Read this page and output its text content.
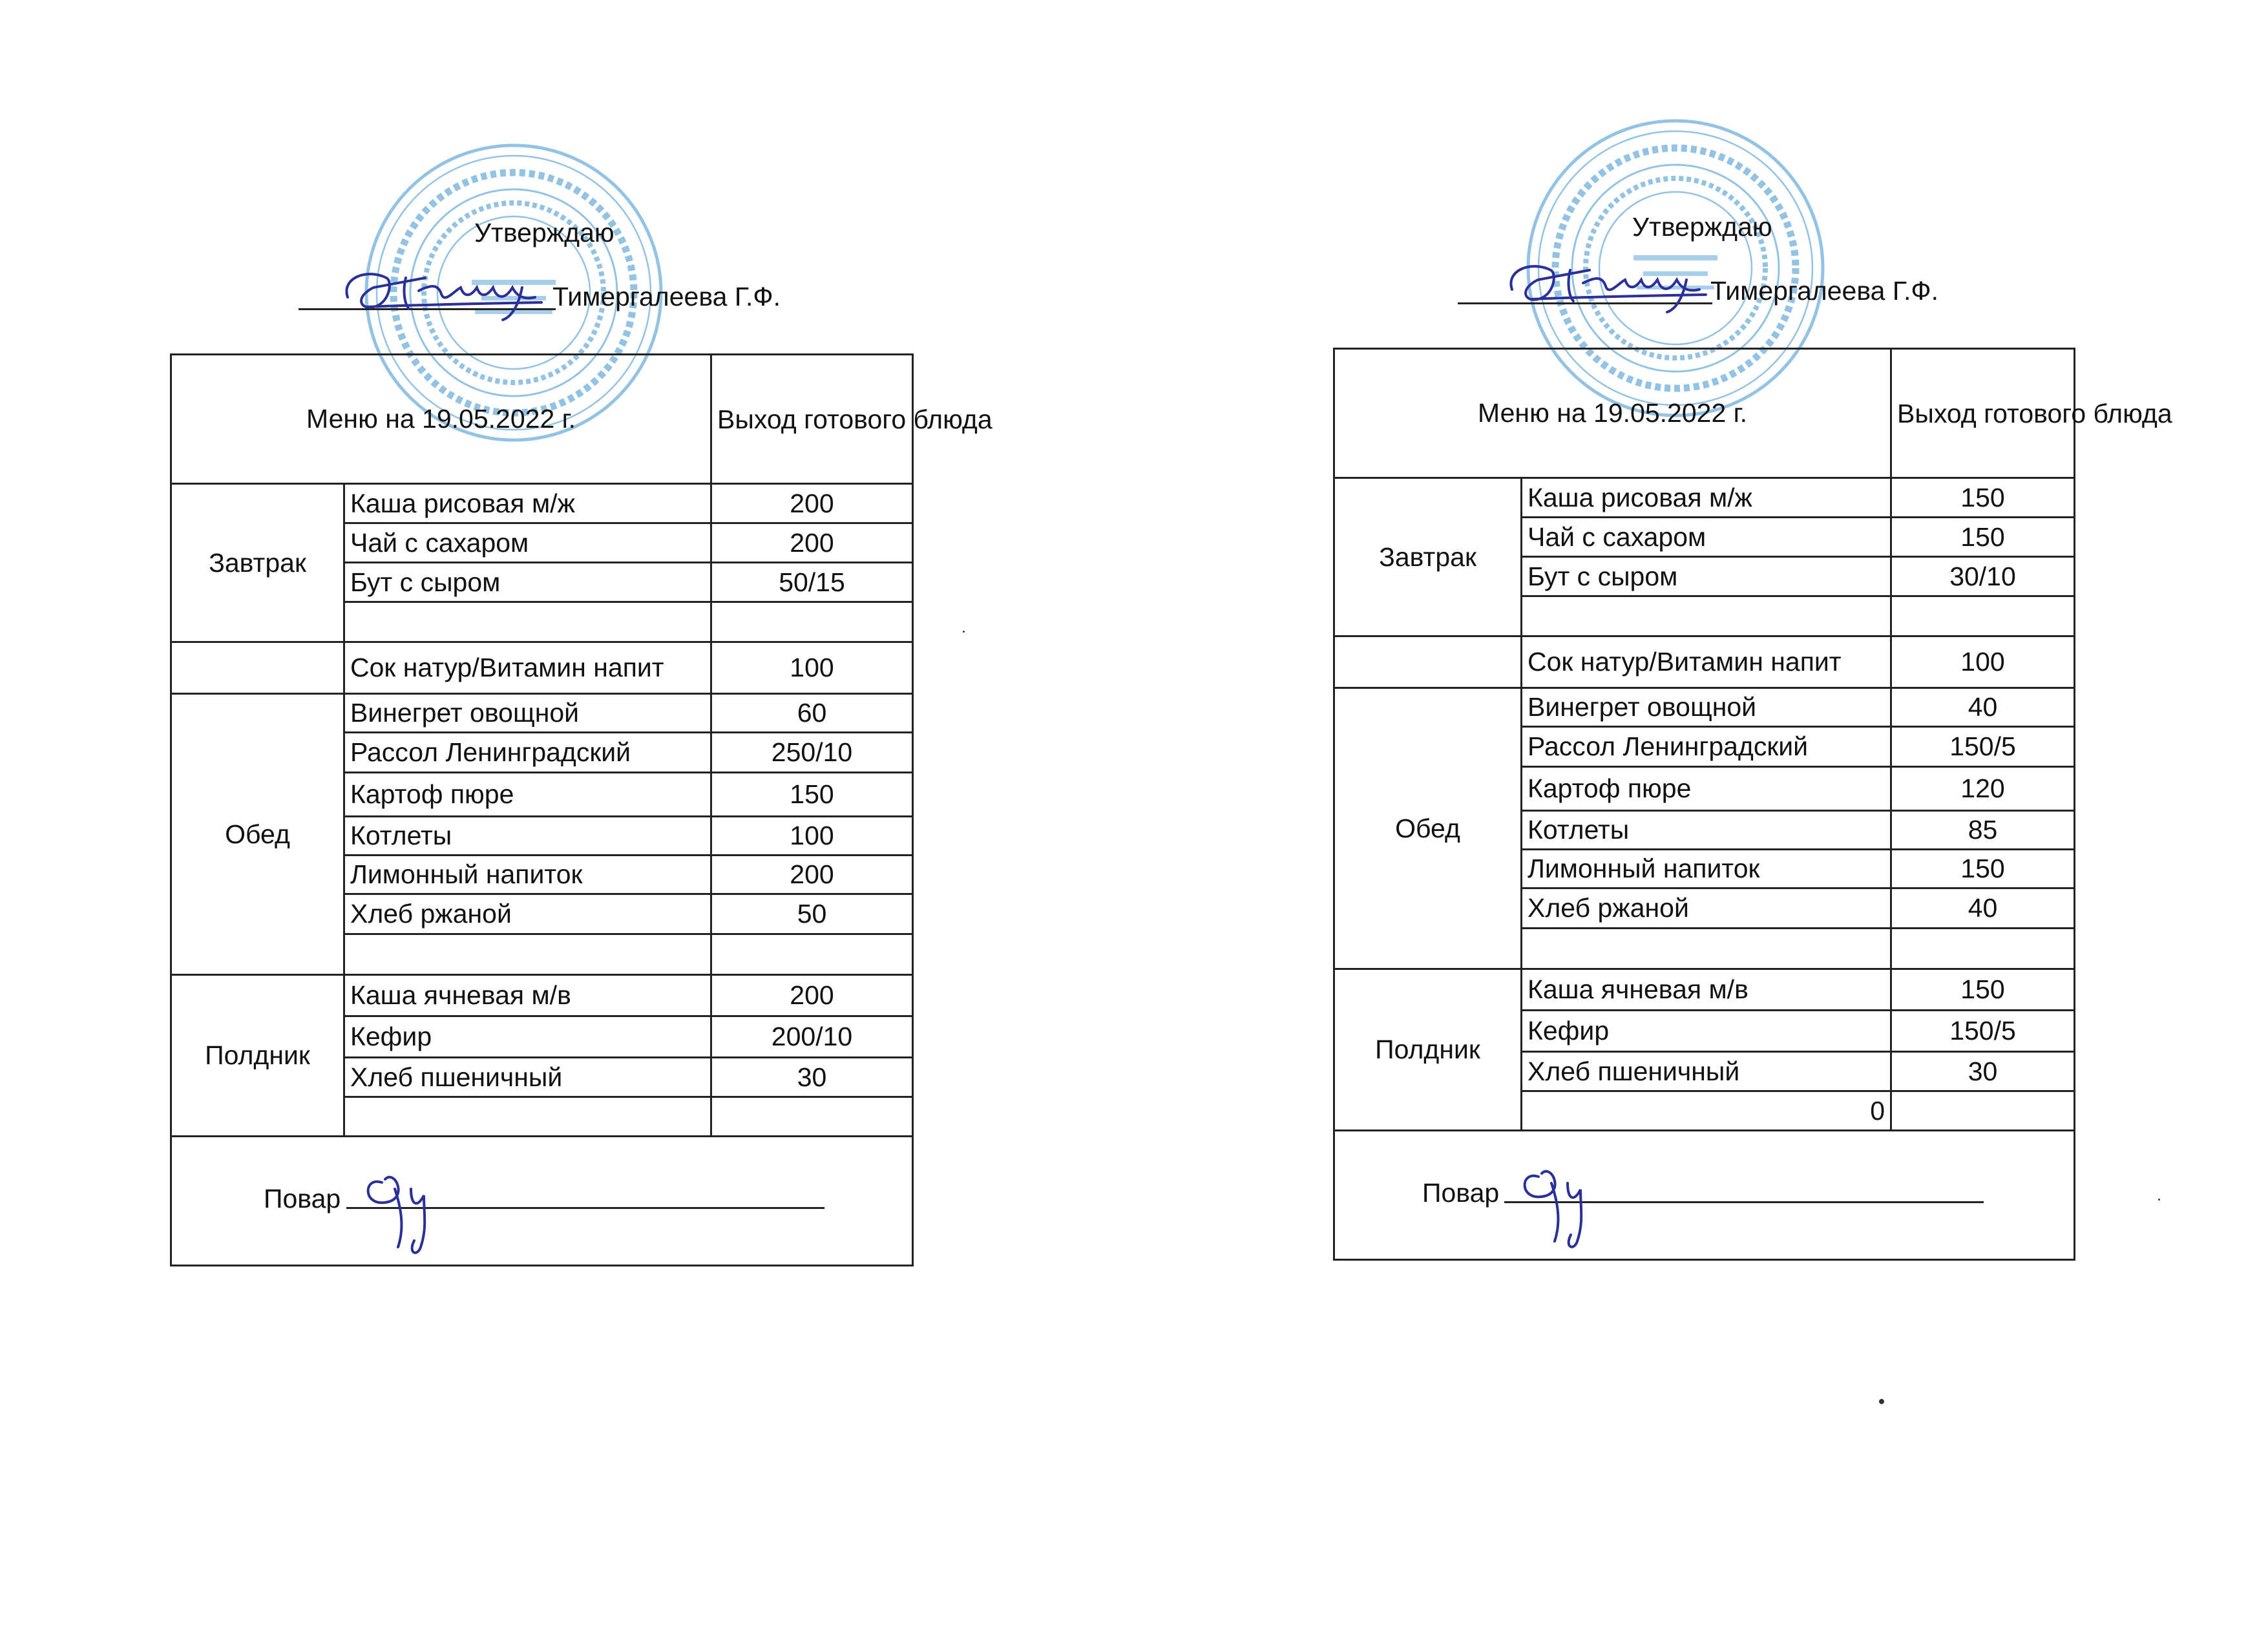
Утверждаю
Тимергалеева Г.Ф.
Меню на 19.05.2022 г.		Выход готового блюда
Завтрак	Каша рисовая м/ж	200
	Чай с сахаром	200
	Бут с сыром	50/15

	Сок натур/Витамин напит	100
Обед	Винегрет овощной	60
	Рассол Ленинградский	250/10
	Картоф пюре	150
	Котлеты	100
	Лимонный напиток	200
	Хлеб ржаной	50

Полдник	Каша ячневая м/в	200
	Кефир	200/10
	Хлеб пшеничный	30

Повар		
Утверждаю
Тимергалеева Г.Ф.
Меню на 19.05.2022 г.		Выход готового блюда
Завтрак	Каша рисовая м/ж	150
	Чай с сахаром	150
	Бут с сыром	30/10

	Сок натур/Витамин напит	100
Обед	Винегрет овощной	40
	Рассол Ленинградский	150/5
	Картоф пюре	120
	Котлеты	85
	Лимонный напиток	150
	Хлеб ржаной	40

Полдник	Каша ячневая м/в	150
	Кефир	150/5
	Хлеб пшеничный	30
	0	

Повар		
